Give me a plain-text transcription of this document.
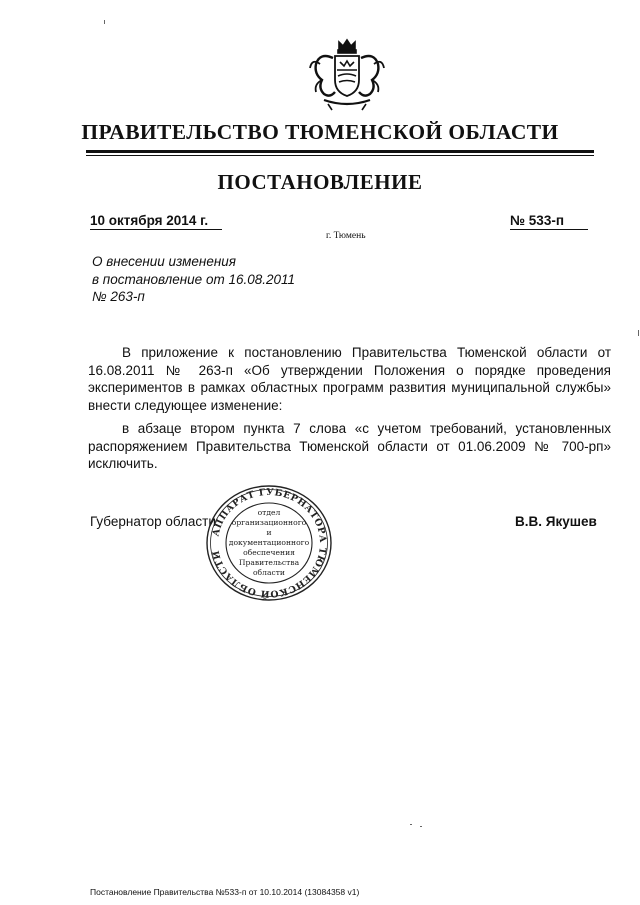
ПРАВИТЕЛЬСТВО ТЮМЕНСКОЙ ОБЛАСТИ
ПОСТАНОВЛЕНИЕ
10 октября 2014 г.	№ 533-п
г. Тюмень
О внесении изменения
в постановление от 16.08.2011
№ 263-п

В приложение к постановлению Правительства Тюменской области от 16.08.2011 № 263-п «Об утверждении Положения о порядке проведения экспериментов в рамках областных программ развития муниципальной службы» внести следующее изменение:

в абзаце втором пункта 7 слова «с учетом требований, установленных распоряжением Правительства Тюменской области от 01.06.2009 № 700-рп» исключить.

Губернатор области	В.В. Якушев
АППАРАТ ГУБЕРНАТОРА ТЮМЕНСКОЙ ОБЛАСТИ
отдел
организационного
и
документационного
обеспечения
Правительства
области
Постановление Правительства №533-п от 10.10.2014 (13084358 v1)
